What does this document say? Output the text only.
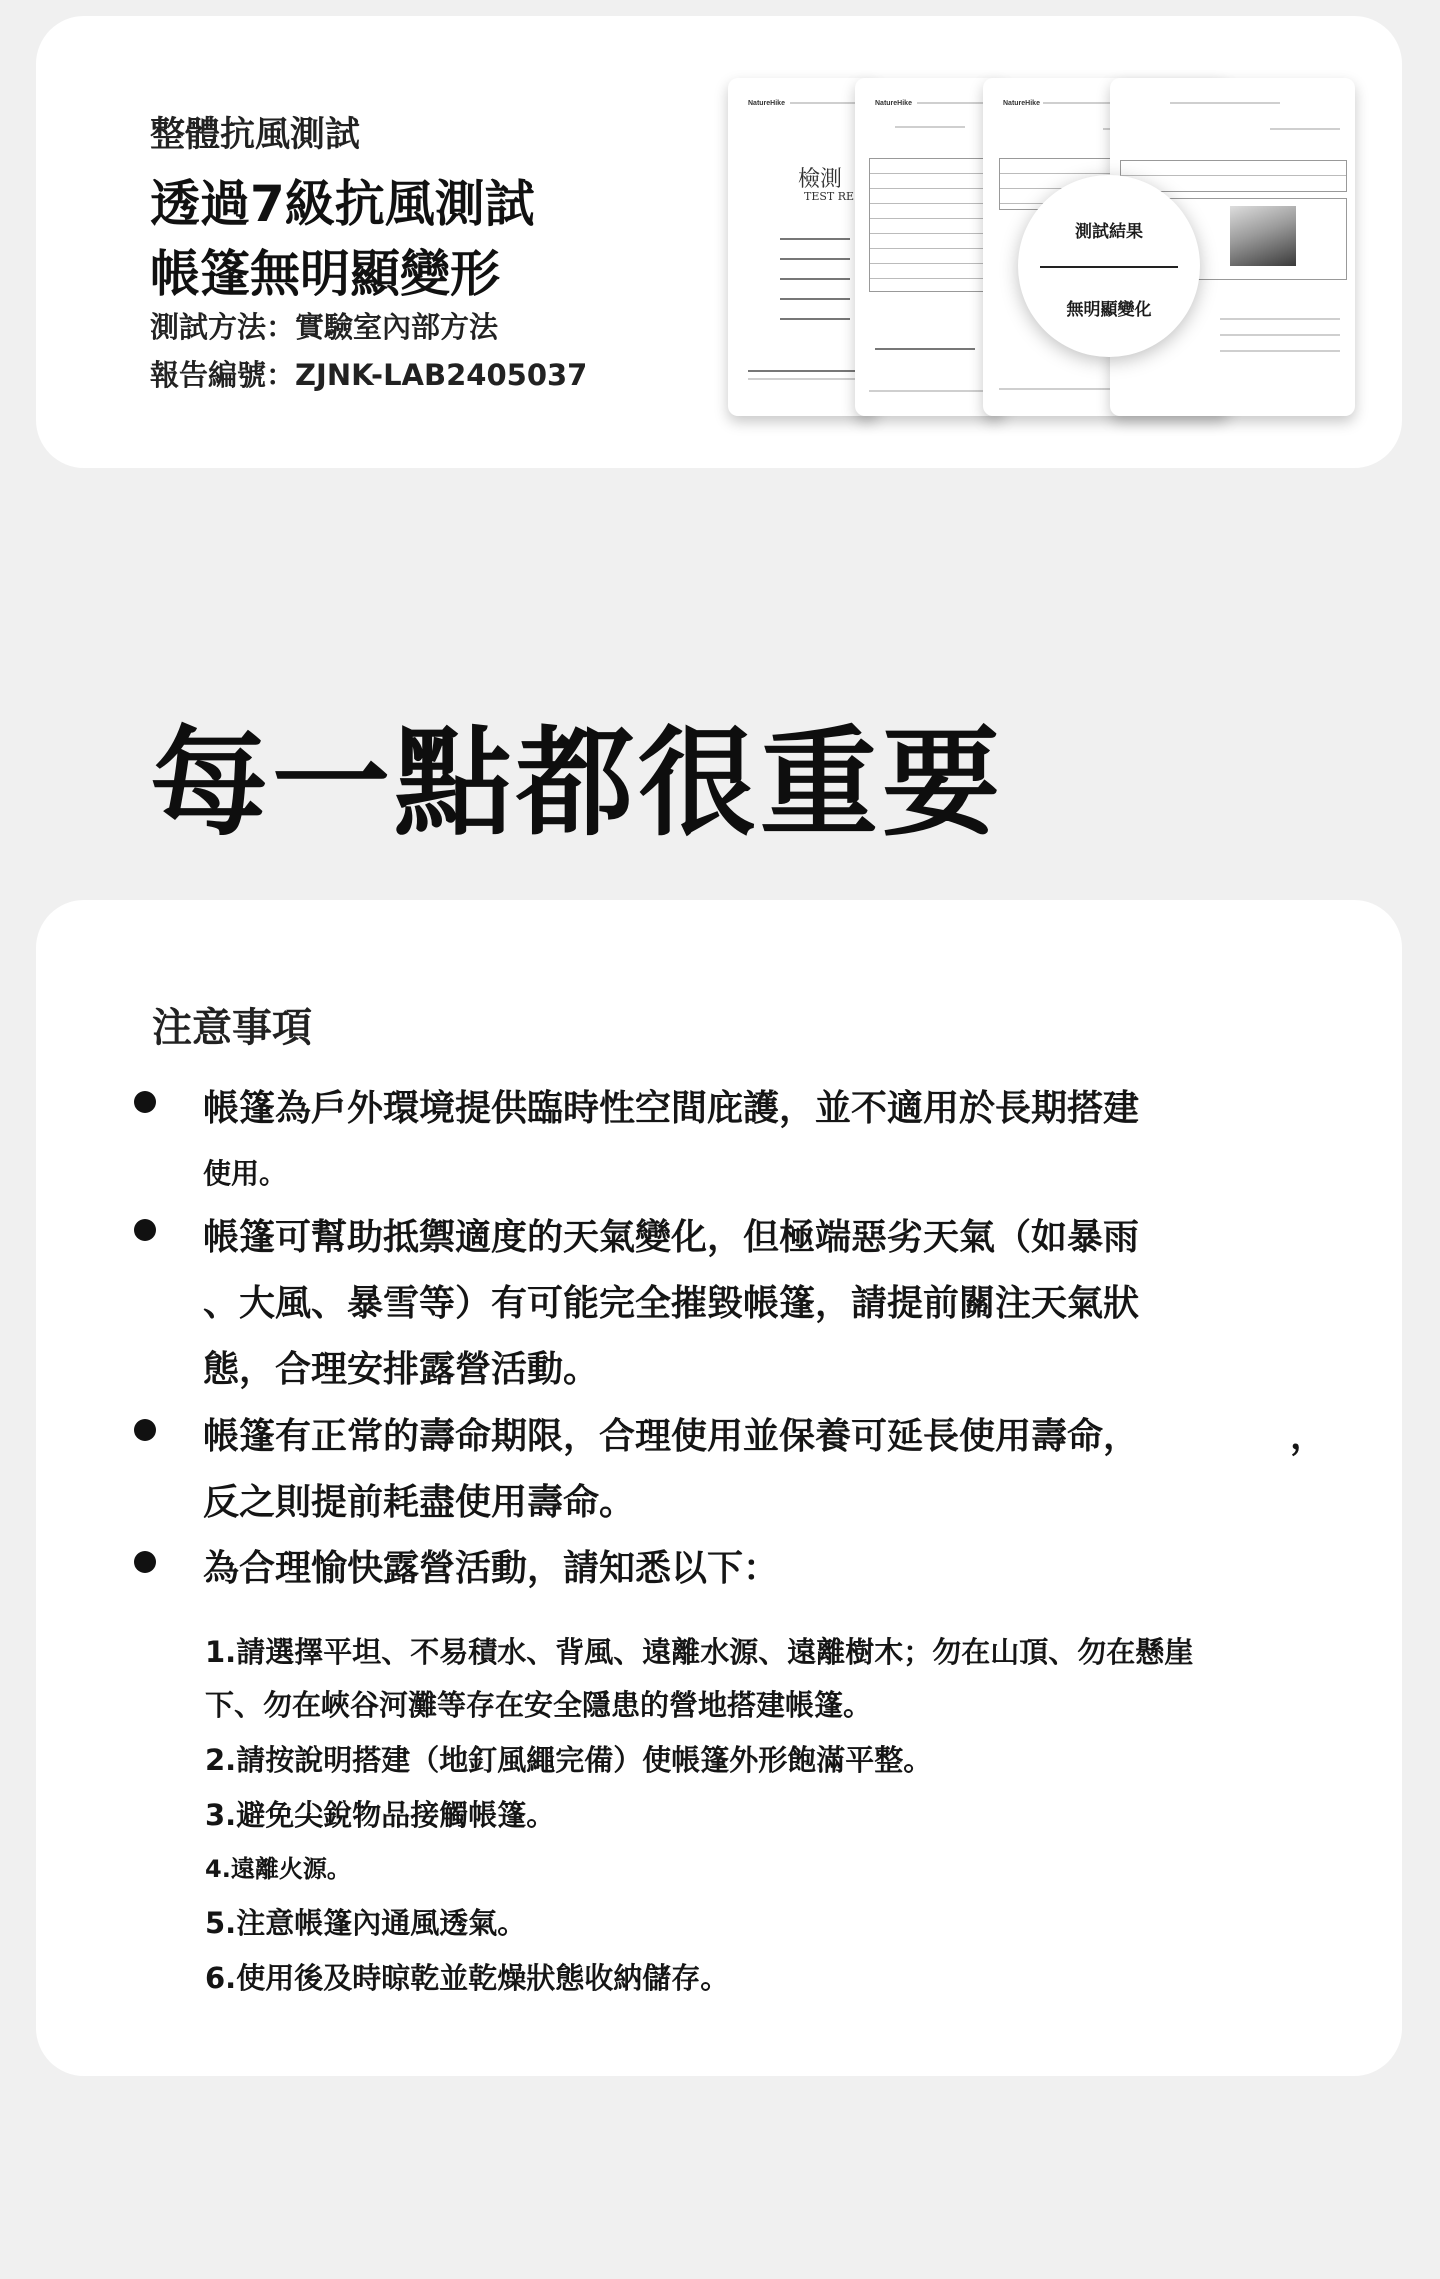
整體抗風測試
透過7級抗風測試
帳篷無明顯變形
測試方法：實驗室內部方法
報告編號：ZJNK-LAB2405037
NatureHike
檢測
TEST RE
NatureHike	NatureHike
測試結果
無明顯變化
每一點都很重要
注意事項
帳篷為戶外環境提供臨時性空間庇護，並不適用於長期搭建
使用。
帳篷可幫助抵禦適度的天氣變化，但極端惡劣天氣（如暴雨
、大風、暴雪等）有可能完全摧毀帳篷，請提前關注天氣狀
態，合理安排露營活動。
帳篷有正常的壽命期限，合理使用並保養可延長使用壽命，	，
反之則提前耗盡使用壽命。
為合理愉快露營活動，請知悉以下：
1.請選擇平坦、不易積水、背風、遠離水源、遠離樹木；勿在山頂、勿在懸崖
下、勿在峽谷河灘等存在安全隱患的營地搭建帳篷。
2.請按說明搭建（地釘風繩完備）使帳篷外形飽滿平整。
3.避免尖銳物品接觸帳篷。
4.遠離火源。
5.注意帳篷內通風透氣。
6.使用後及時晾乾並乾燥狀態收納儲存。
